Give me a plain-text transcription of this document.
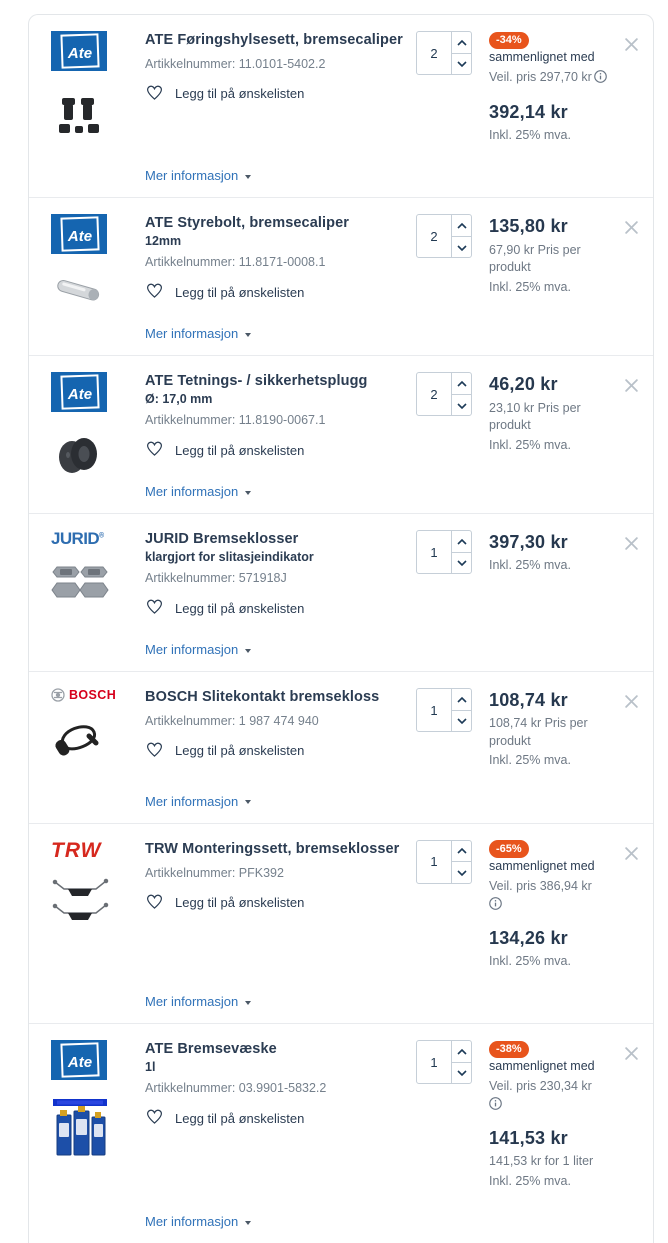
Ate
ATE Føringshylsesett, bremsecaliper
Artikkelnummer: 11.0101-5402.2
Legg til på ønskelisten
2
-34%sammenlignet med
Veil. pris 297,70 kr
392,14 kr
Inkl. 25% mva.
Mer informasjon
Ate
ATE Styrebolt, bremsecaliper
12mm
Artikkelnummer: 11.8171-0008.1
Legg til på ønskelisten
2
135,80 kr
67,90 kr Pris per produkt
Inkl. 25% mva.
Mer informasjon
Ate
ATE Tetnings- / sikkerhetsplugg
Ø: 17,0 mm
Artikkelnummer: 11.8190-0067.1
Legg til på ønskelisten
2
46,20 kr
23,10 kr Pris per produkt
Inkl. 25% mva.
Mer informasjon
JURID®	JURID Bremseklosser
klargjort for slitasjeindikator
Artikkelnummer: 571918J
Legg til på ønskelisten
1
397,30 kr
Inkl. 25% mva.
Mer informasjon
BOSCH BOSCH Slitekontakt bremsekloss
Artikkelnummer: 1 987 474 940
Legg til på ønskelisten
1
108,74 kr
108,74 kr Pris per produkt
Inkl. 25% mva.
Mer informasjon
TRW	TRW Monteringssett, bremseklosser
Artikkelnummer: PFK392
Legg til på ønskelisten
1
-65%sammenlignet med
Veil. pris 386,94 kr
134,26 kr
Inkl. 25% mva.
Mer informasjon
Ate
ATE Bremsevæske
1l
Artikkelnummer: 03.9901-5832.2
Legg til på ønskelisten
1
-38%sammenlignet med
Veil. pris 230,34 kr
141,53 kr
141,53 kr for 1 liter
Inkl. 25% mva.
Mer informasjon
